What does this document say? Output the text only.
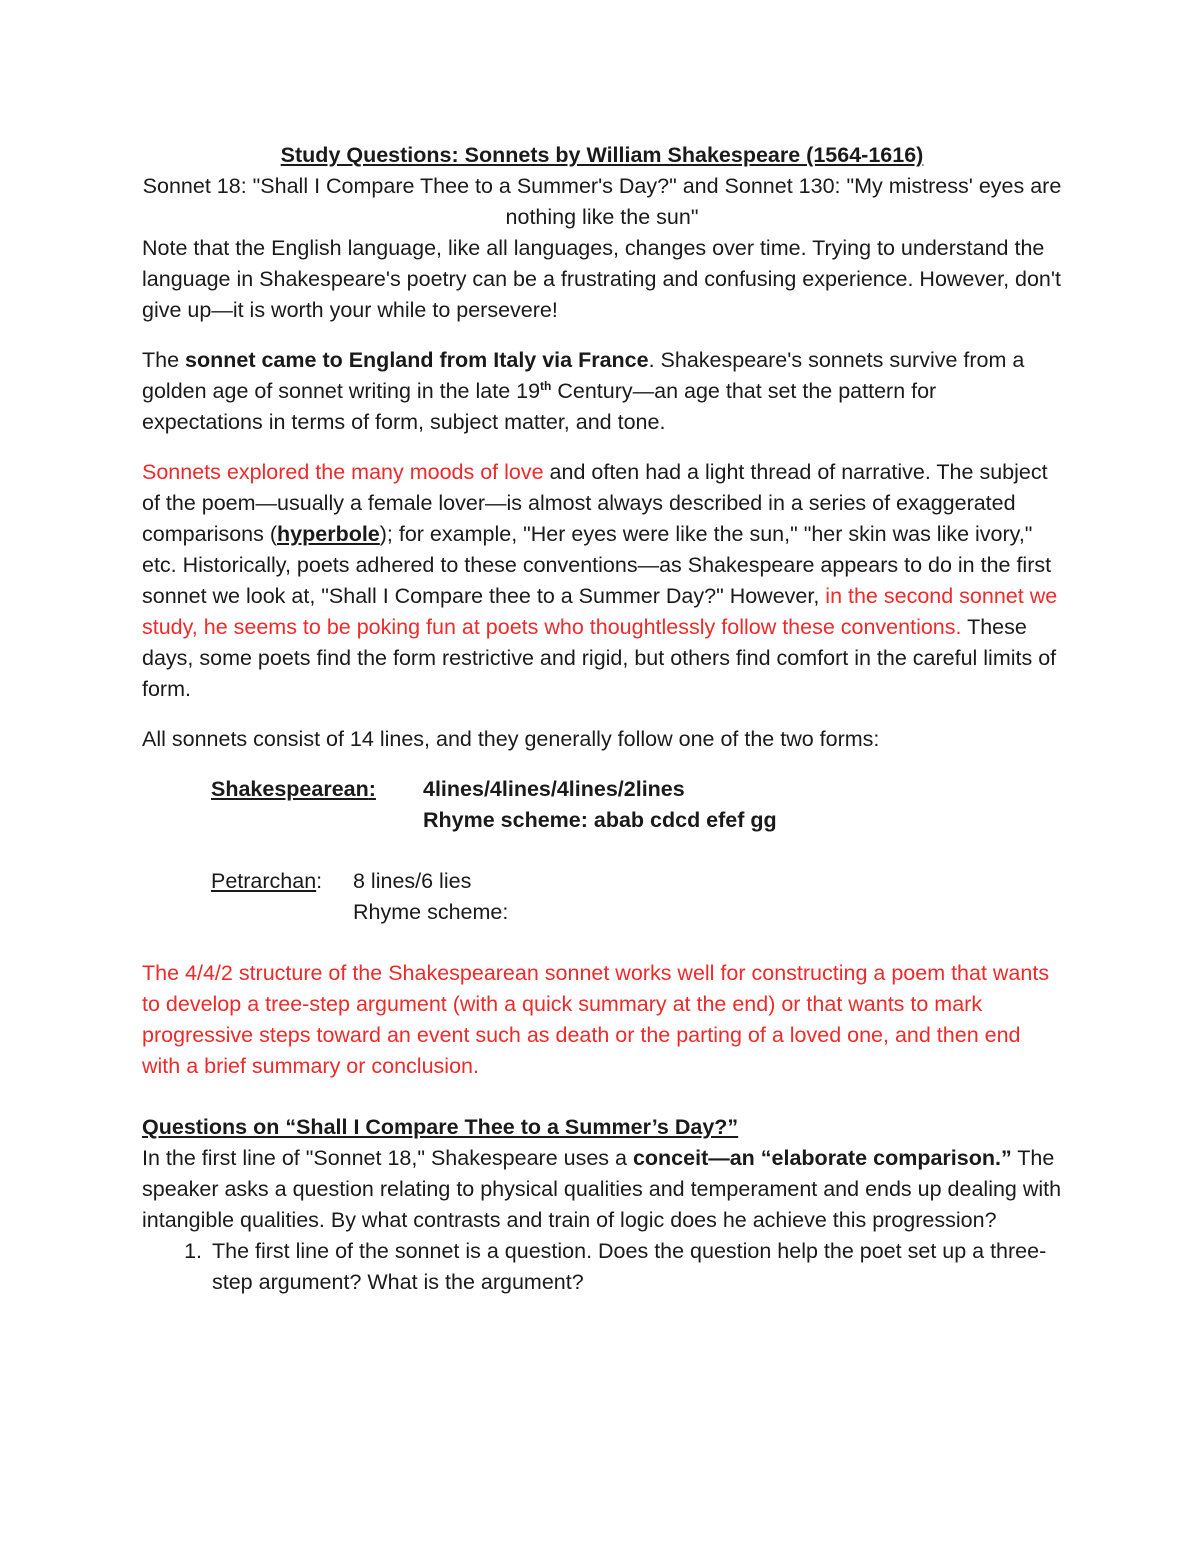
Study Questions: Sonnets by William Shakespeare (1564-1616)

Sonnet 18: "Shall I Compare Thee to a Summer's Day?" and Sonnet 130: "My mistress' eyes are nothing like the sun"

Note that the English language, like all languages, changes over time. Trying to understand the language in Shakespeare's poetry can be a frustrating and confusing experience. However, don't give up—it is worth your while to persevere!

The sonnet came to England from Italy via France. Shakespeare's sonnets survive from a golden age of sonnet writing in the late 19th Century—an age that set the pattern for expectations in terms of form, subject matter, and tone.

Sonnets explored the many moods of love and often had a light thread of narrative. The subject of the poem—usually a female lover—is almost always described in a series of exaggerated comparisons (hyperbole); for example, "Her eyes were like the sun," "her skin was like ivory," etc. Historically, poets adhered to these conventions—as Shakespeare appears to do in the first sonnet we look at, "Shall I Compare thee to a Summer Day?" However, in the second sonnet we study, he seems to be poking fun at poets who thoughtlessly follow these conventions. These days, some poets find the form restrictive and rigid, but others find comfort in the careful limits of form.

All sonnets consist of 14 lines, and they generally follow one of the two forms:

Shakespearean:	4lines/4lines/4lines/2lines
Rhyme scheme: abab cdcd efef gg
Petrarchan:	8 lines/6 lies
Rhyme scheme:

The 4/4/2 structure of the Shakespearean sonnet works well for constructing a poem that wants to develop a tree-step argument (with a quick summary at the end) or that wants to mark progressive steps toward an event such as death or the parting of a loved one, and then end with a brief summary or conclusion.

Questions on “Shall I Compare Thee to a Summer’s Day?”

In the first line of "Sonnet 18," Shakespeare uses a conceit—an “elaborate comparison.” The speaker asks a question relating to physical qualities and temperament and ends up dealing with intangible qualities. By what contrasts and train of logic does he achieve this progression?

1. The first line of the sonnet is a question. Does the question help the poet set up a three-step argument? What is the argument?
